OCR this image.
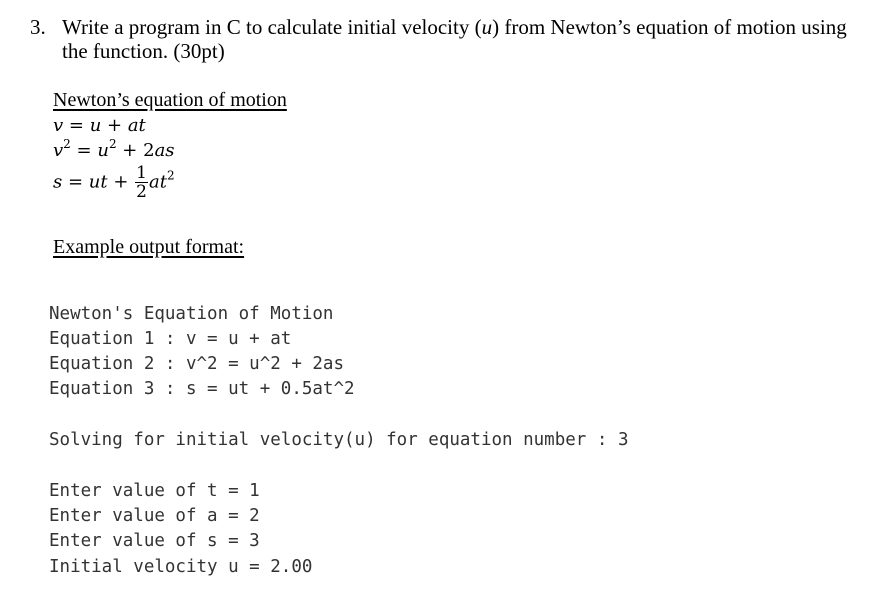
3. Write a program in C to calculate initial velocity (u) from Newton’s equation of motion using
the function. (30pt)
Newton’s equation of motion
v = u + at
$v^2 = u^2 + 2as$
s = ut + $\frac{1}{2} at^2$
Example output format:
Newton's Equation of Motion
Equation 1 : v = u + at
Equation 2 : v^2 = u^2 + 2as
Equation 3 : s = ut + 0.5at^2
Solving for initial velocity(u) for equation number : 3
Enter value of t = 1
Enter value of a = 2
Enter value of s = 3
Initial velocity u = 2.00
